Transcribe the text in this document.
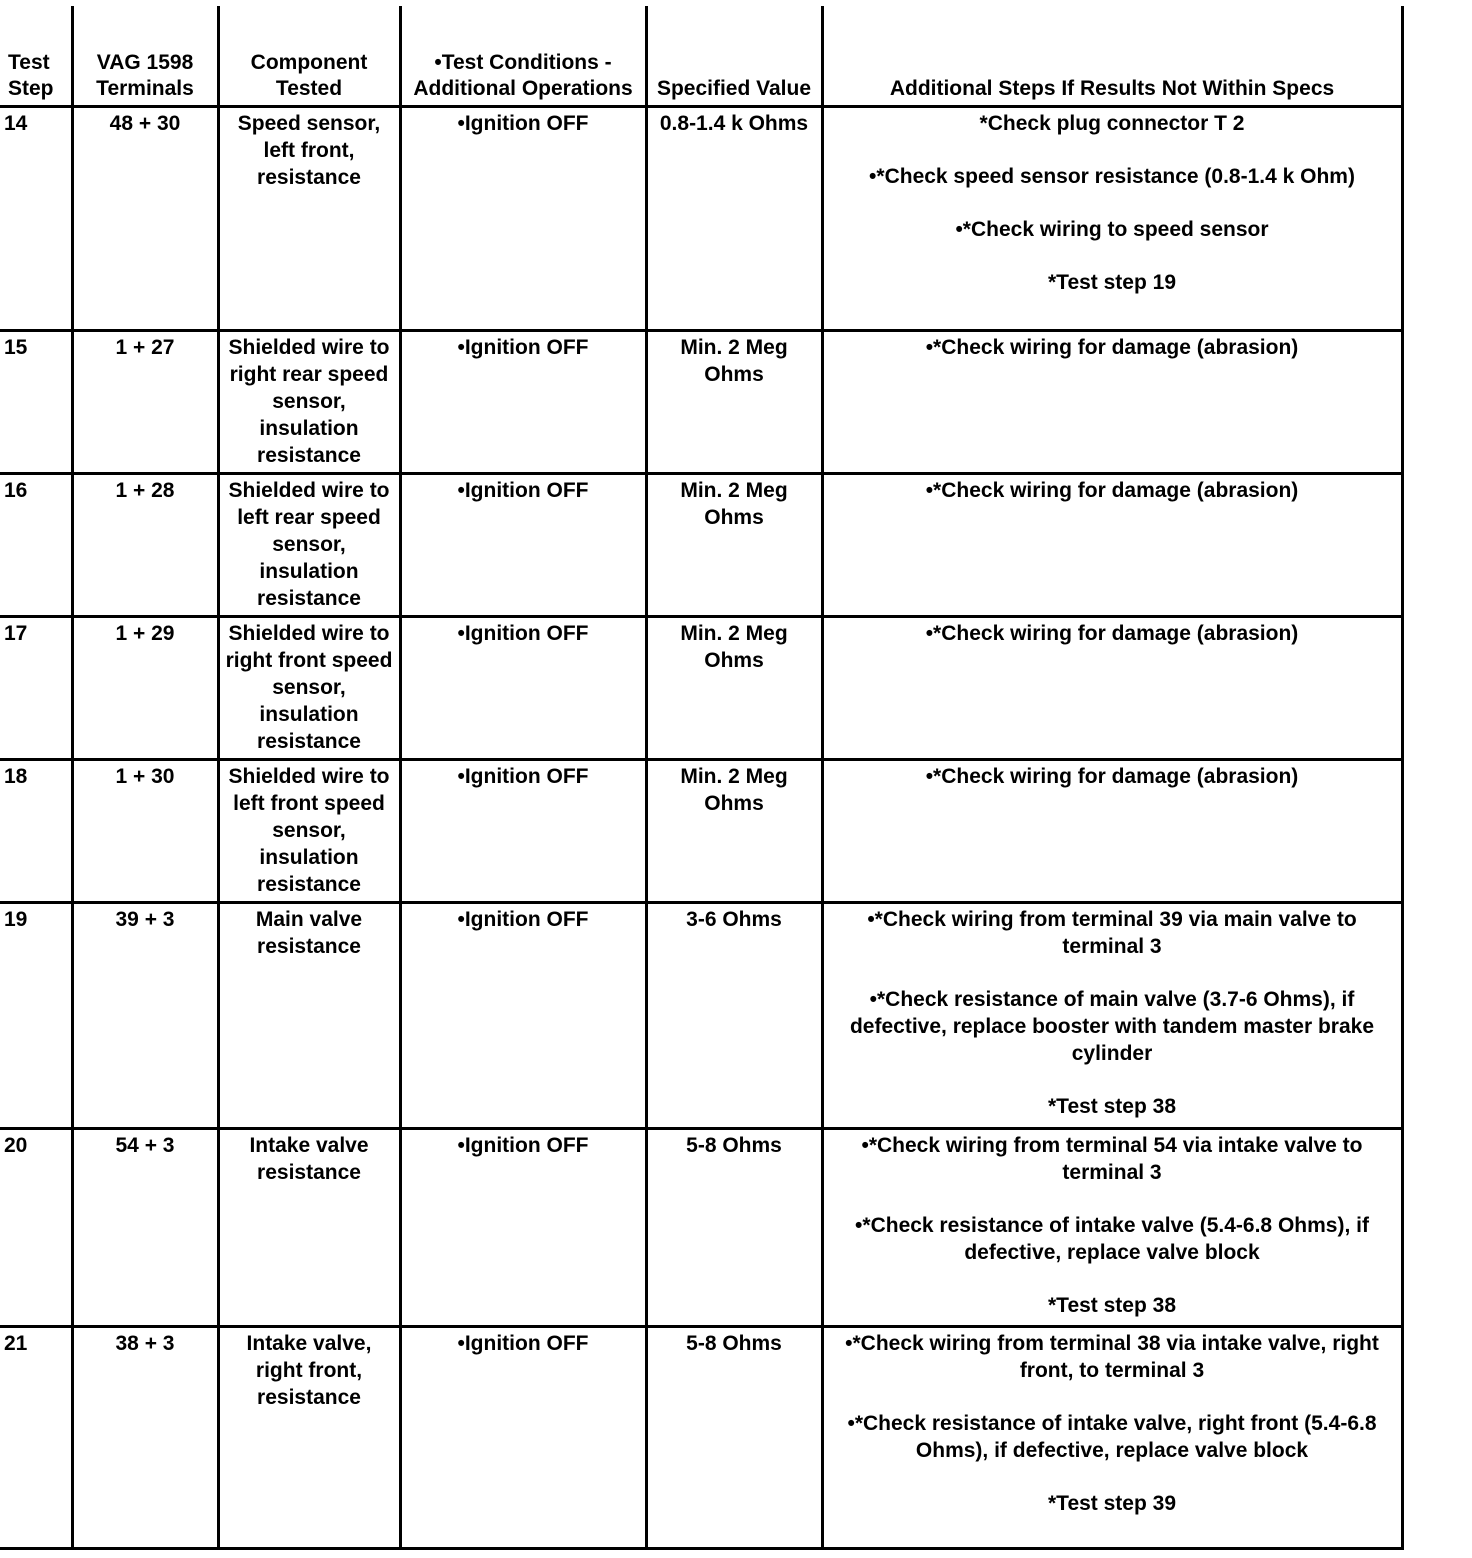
Test Step	VAG 1598 Terminals	Component Tested	•Test Conditions -Additional Operations	Specified Value	Additional Steps If Results Not Within Specs
14	48 + 30	Speed sensor, left front, resistance	•Ignition OFF	0.8-1.4 k Ohms	*Check plug connector T 2

•*Check speed sensor resistance (0.8-1.4 k Ohm)

•*Check wiring to speed sensor

*Test step 19

15	1 + 27	Shielded wire to right rear speed sensor, insulation resistance	•Ignition OFF	Min. 2 Meg Ohms	•*Check wiring for damage (abrasion)

16	1 + 28	Shielded wire to left rear speed sensor, insulation resistance	•Ignition OFF	Min. 2 Meg Ohms	•*Check wiring for damage (abrasion)

17	1 + 29	Shielded wire to right front speed sensor, insulation resistance	•Ignition OFF	Min. 2 Meg Ohms	•*Check wiring for damage (abrasion)

18	1 + 30	Shielded wire to left front speed sensor, insulation resistance	•Ignition OFF	Min. 2 Meg Ohms	•*Check wiring for damage (abrasion)

19	39 + 3	Main valve resistance	•Ignition OFF	3-6 Ohms	•*Check wiring from terminal 39 via main valve to terminal 3

•*Check resistance of main valve (3.7-6 Ohms), if defective, replace booster with tandem master brake cylinder

*Test step 38

20	54 + 3	Intake valve resistance	•Ignition OFF	5-8 Ohms	•*Check wiring from terminal 54 via intake valve to terminal 3

•*Check resistance of intake valve (5.4-6.8 Ohms), if defective, replace valve block

*Test step 38

21	38 + 3	Intake valve, right front, resistance	•Ignition OFF	5-8 Ohms	•*Check wiring from terminal 38 via intake valve, right front, to terminal 3

•*Check resistance of intake valve, right front (5.4-6.8 Ohms), if defective, replace valve block

*Test step 39
